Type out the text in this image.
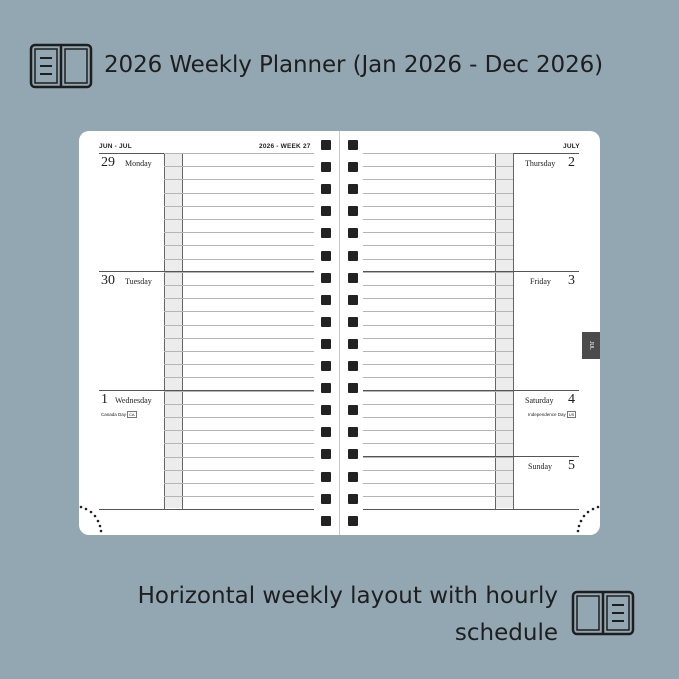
2026 Weekly Planner (Jan 2026 - Dec 2026)
JUN - JUL	2026 - WEEK 27	JULY
29 Monday
30 Tuesday
1 Wednesday
Canada Day CA
Thursday 2
Friday 3
Saturday 4
Independence Day US
Sunday 5
JUL
Horizontal weekly layout with hourly
schedule
